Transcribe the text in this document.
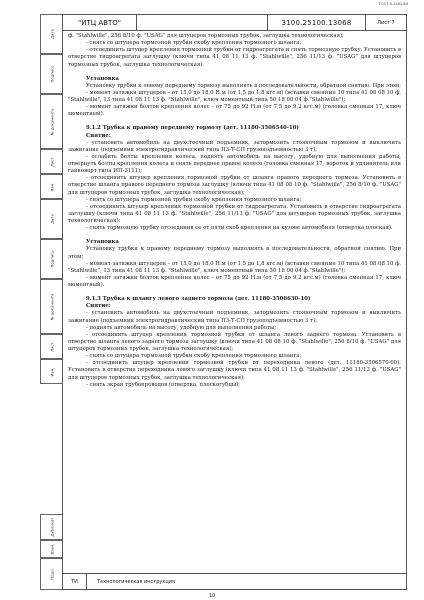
ГОСТ 8.1181-84
Дата
Подпись
№ документа
Лист
Изм.
Дата
Подпись
№ документа
Лист
Изм.
Дубликат
Взам.
Подл.
"ИТЦ АВТО"	3100.25100.13068	Лист 7

ф. "Stahlwille", 256 8/10 ф. "USAG" для штуцеров тормозных трубок, заглушка технологическая);

- снять со штуцера тормозной трубки скобу крепления тормозного шланга;

- отсоединить штуцер крепления тормозной трубки от гидроагрегата и снять тормозную трубку. Установить в отверстие гидроагрегата заглушку (ключи типа 41 08 11 13 ф. "Stahlwille", 256 11/13 ф. "USAG" для штуцеров тормозных трубок, заглушка технологическая).

Установка

Установку трубки к левому переднему тормозу выполнять в последовательности, обратной снятию. При этом:

- момент затяжки штуцеров – от 15,0 до 18,0 Н.м (от 1,5 до 1,8 кгс.м) (вставки сменные 10 типа 41 08 08 10 ф. "Stahlwille", 13 типа 41 08 11 13 ф. "Stahlwille", ключ моментный типа 50 18 00 04 ф."Stahlwille");

- момент затяжки болтов крепления колес - от 75 до 92 Н.м (от 7,5 до 9,2 кгс.м) (головка сменная 17, ключ моментный).

9.1.2 Трубка к правому переднему тормозу (дет. 11180-3506540-10)

Снятие:

- установить автомобиль на двухстоечный подъемник, затормозить стояночным тормозом и выключить зажигание (подъемник электрогидравлический типа П3-Т-СП грузоподъемностью 3 т);

- ослабить болты крепления колеса, поднять автомобиль на высоту, удобную для выполнения работы, отвернуть болты крепления колеса и снять переднее правое колесо (головка сменная 17, вороток и удлинитель или гайковерт типа ИП-3111);

- отсоединить штуцер крепления тормозной трубки от шланга правого переднего тормоза. Установить в отверстие шланга правого переднего тормоза заглушку (ключи типа 41 08 08 10 ф. "Stahlwille", 256 8/10 ф. "USAG" для штуцеров тормозных трубок, заглушка технологическая);

- снять со штуцера тормозной трубки скобу крепления тормозного шланга;

- отсоединить штуцер крепления тормозной трубки от гидроагрегата. Установить в отверстие гидроагрегата заглушку (ключи типа 41 08 11 13 ф. "Stahlwille", 256 11/13 ф. "USAG" для штуцеров тормозных трубок, заглушка технологическая);

- снять тормозную трубку отсоединив ее от пяти скоб крепления на кузове автомобиля (отвертка плоская).

Установка

Установку трубки к правому переднему тормозу выполнять в последовательности, обратной снятию. При этом:

- момент затяжки штуцеров – от 15,0 до 18,0 Н.м (от 1,5 до 1,8 кгс.м) (вставки сменные 10 типа 41 08 08 10 ф. "Stahlwille", 13 типа 41 08 11 13 ф. "Stahlwille", ключ моментный типа 50 18 00 04 ф."Stahlwille");

- момент затяжки болтов крепления колес - от 75 до 92 Н.м (от 7,5 до 9,2 кгс.м) (головка сменная 17, ключ моментный).

9.1.3 Трубка к шлангу левого заднего тормоза (дет. 11180-3506630-10)

Снятие:

- установить автомобиль на двухстоечный подъемник, затормозить стояночным тормозом и выключить зажигание (подъемник электрогидравлический типа П3-Т-СП грузоподъемностью 3 т);

- поднять автомобиль на высоту, удобную для выполнения работы;

- отсоединить штуцер крепления тормозной трубки от шланга левого заднего тормоза. Установить в отверстие шланга левого заднего тормоза заглушку (ключи типа 41 08 08 10 ф. "Stahlwille", 256 8/10 ф. "USAG" для штуцеров тормозных трубок, заглушка технологическая);

- снять со штуцера тормозной трубки скобу крепления тормозного шланга;

- отсоединить штуцер крепления тормозной трубки от переходника левого (дет. 11180-3506570-00). Установить в отверстие переходника левого заглушку (ключи типа 41 08 11 13 ф. "Stahlwille", 256 11/13 ф. "USAG" для штуцеров тормозных трубок, заглушка технологическая);

- снять экран трубопроводов (отвертка, плоскогубцы);

ТИ	Технологическая инструкция
10
